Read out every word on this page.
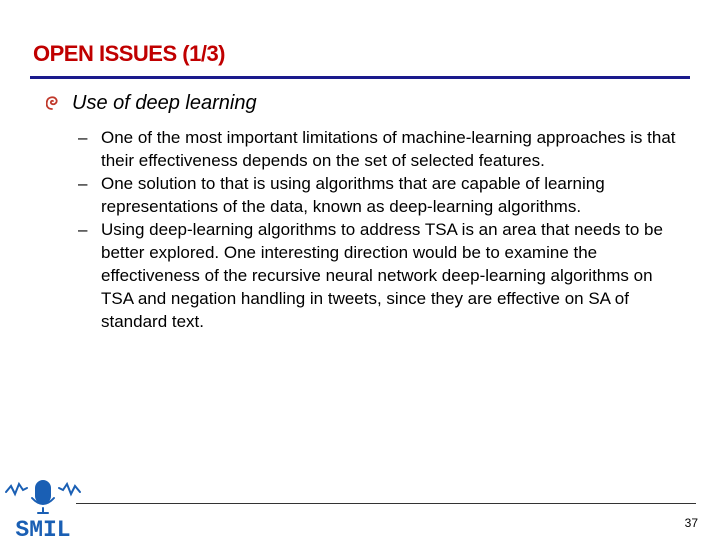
OPEN ISSUES (1/3)
Use of deep learning
– One of the most important limitations of machine-learning approaches is that their effectiveness depends on the set of selected features.
– One solution to that is using algorithms that are capable of learning representations of the data, known as deep-learning algorithms.
– Using deep-learning algorithms to address TSA is an area that needs to be better explored. One interesting direction would be to examine the effectiveness of the recursive neural network deep-learning algorithms on TSA and negation handling in tweets, since they are effective on SA of standard text.
SMIL	37
